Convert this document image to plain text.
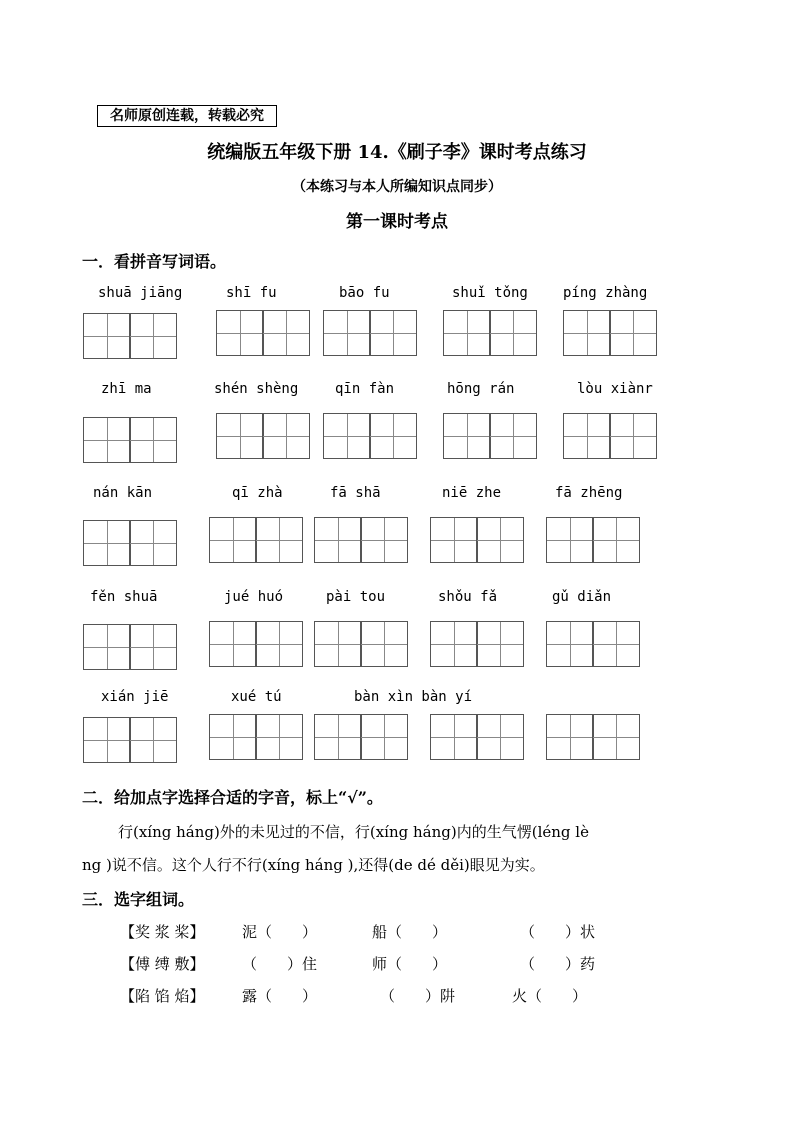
名师原创连载，转载必究
统编版五年级下册 14.《刷子李》课时考点练习
（本练习与本人所编知识点同步）
第一课时考点
一．看拼音写词语。
shuā jiāng	shī fu	bāo fu	shuǐ tǒng	píng zhàng
zhī ma	shén shèng	qīn fàn	hōng rán	lòu xiànr
nán kān	qī zhà	fā shā	niē zhe	fā zhēng
fěn shuā	jué huó	pài tou	shǒu fǎ	gǔ diǎn
xián jiē	xué tú	bàn xìn bàn yí
二．给加点字选择合适的字音，标上“√”。
行(xíng háng)外的未见过的不信，行(xíng háng)内的生气愣(léng lè
ng )说不信。这个人行不行(xíng háng ),还得(de dé děi)眼见为实。
三．选字组词。
【奖 浆 桨】 泥（　　）	船（　　）	（　　）状
【傅 缚 敷】 （　　）住	师（　　）	（　　）药
【陷 馅 焰】 露（　　）	（　　）阱	火（　　）
